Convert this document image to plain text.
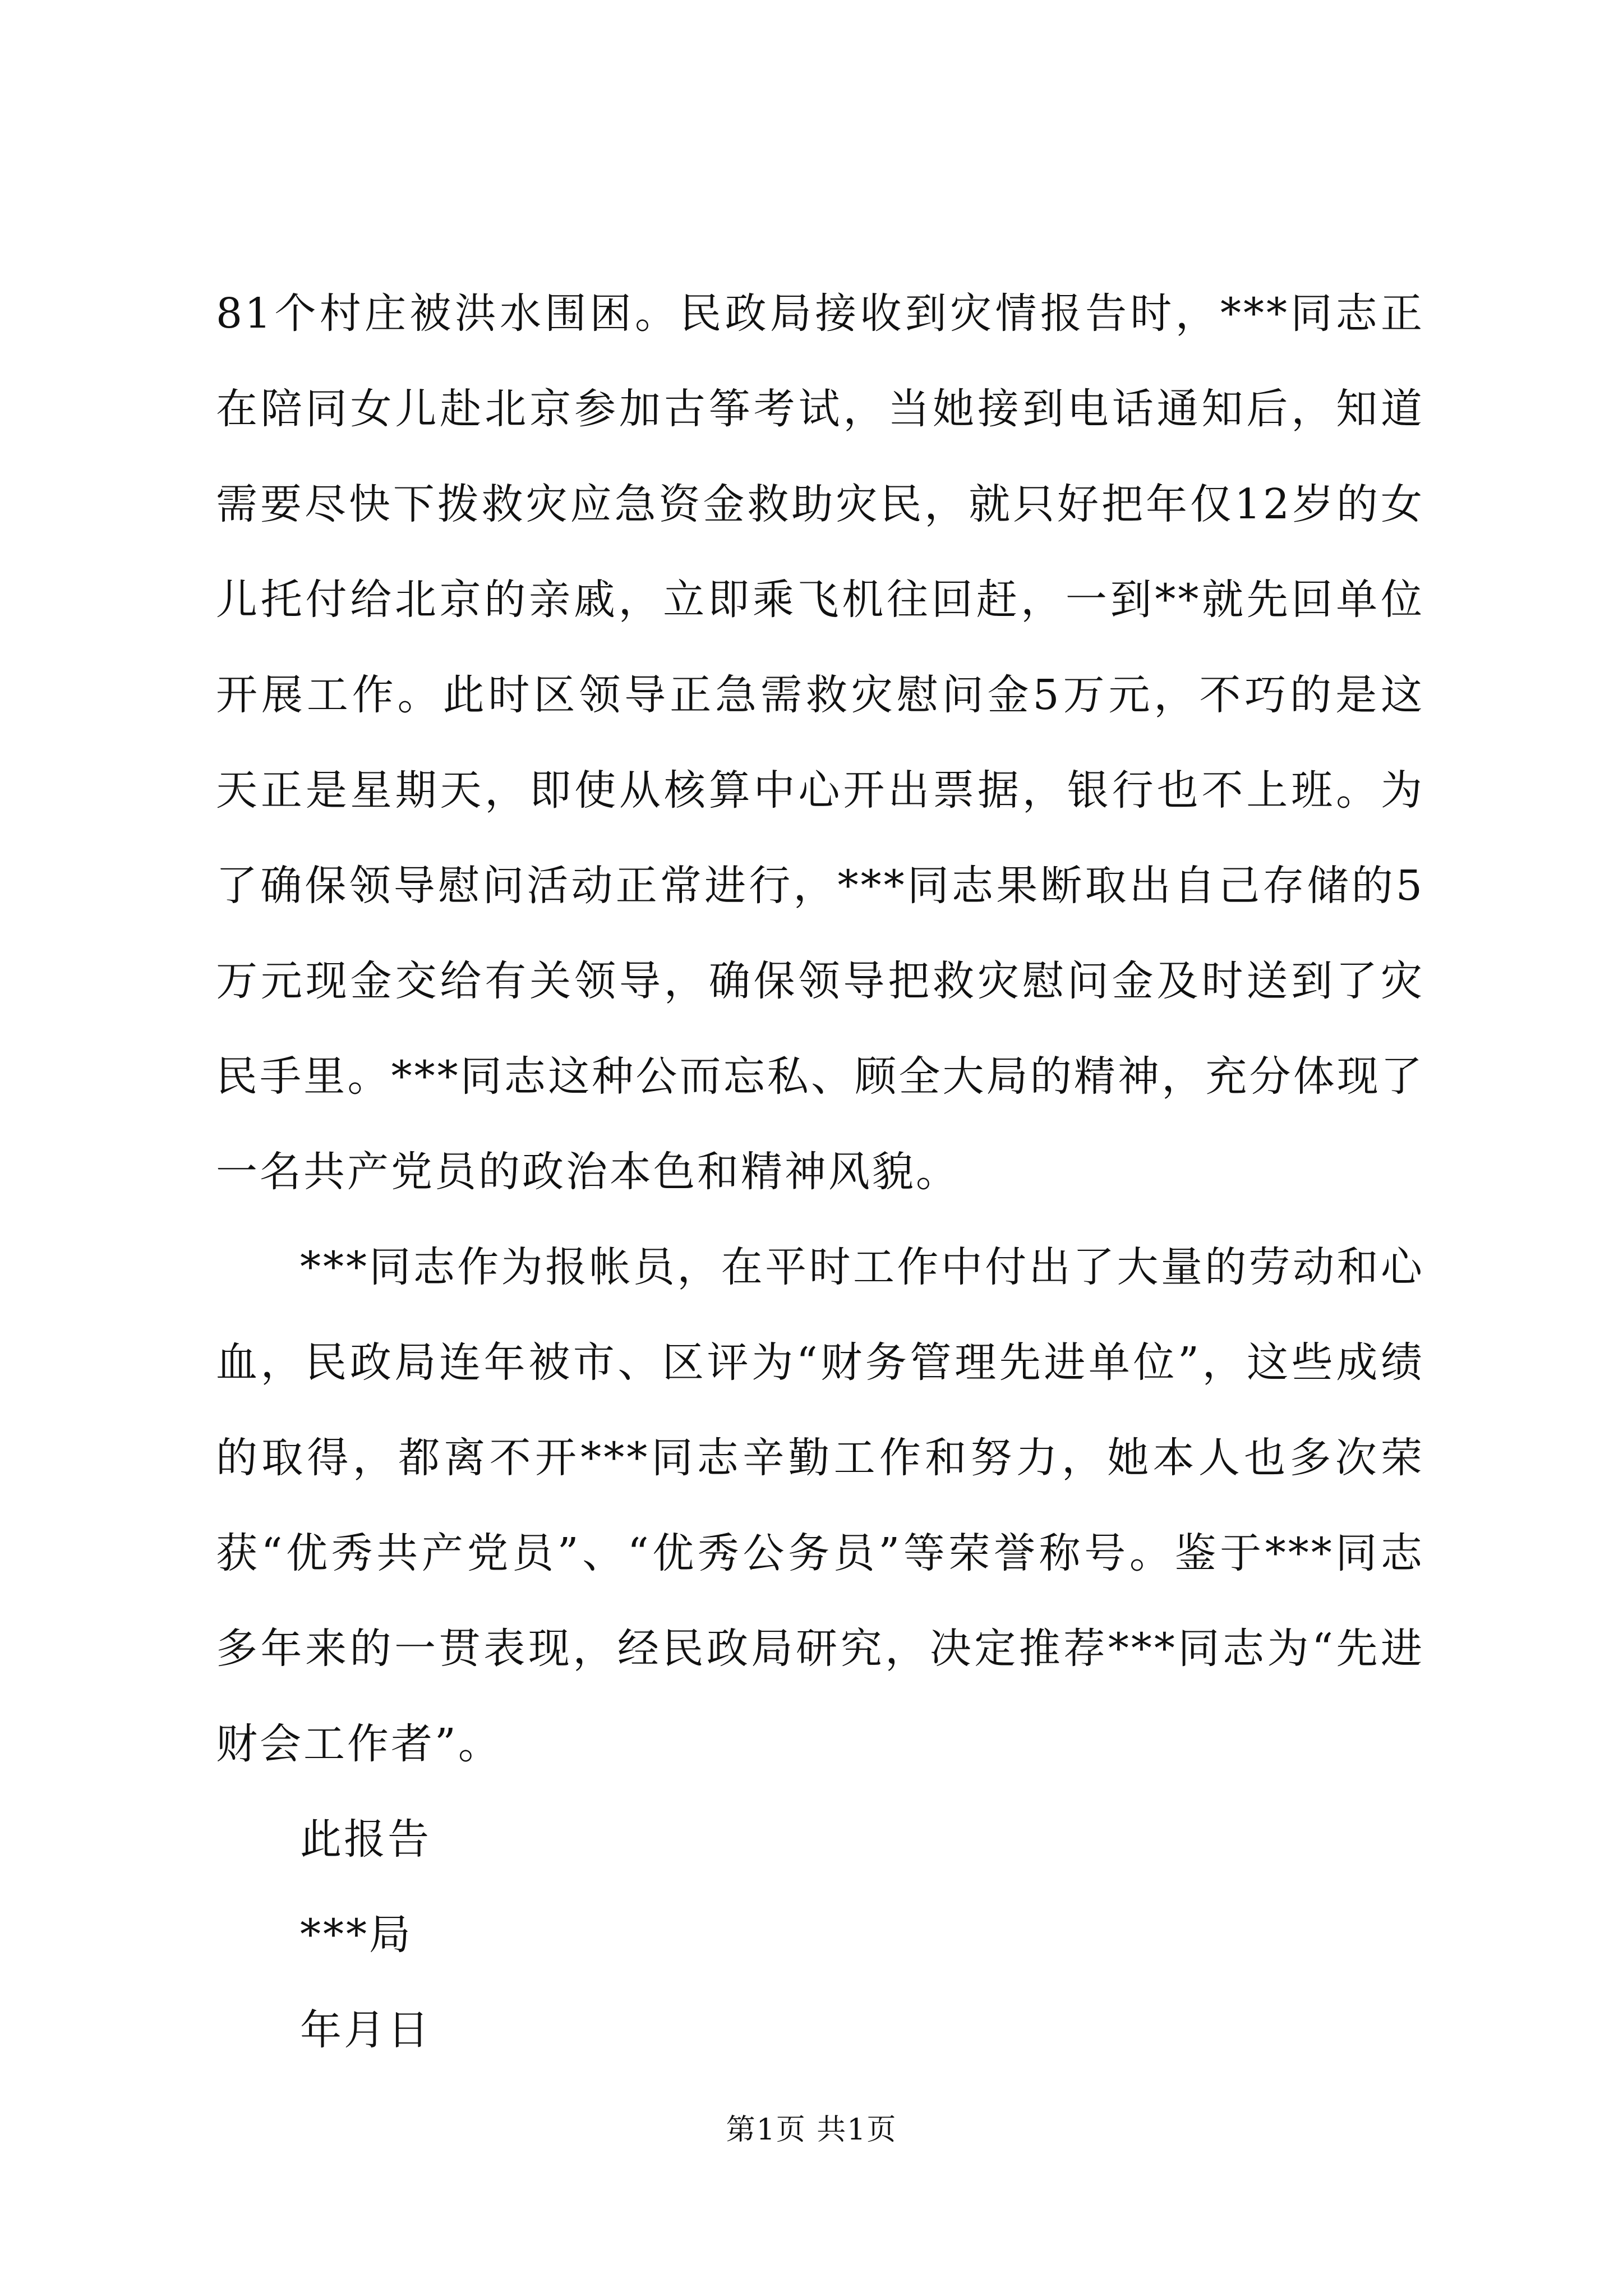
81个村庄被洪水围困。民政局接收到灾情报告时，***同志正在陪同女儿赴北京参加古筝考试，当她接到电话通知后，知道需要尽快下拨救灾应急资金救助灾民，就只好把年仅12岁的女儿托付给北京的亲戚，立即乘飞机往回赶，一到**就先回单位开展工作。此时区领导正急需救灾慰问金5万元，不巧的是这天正是星期天，即使从核算中心开出票据，银行也不上班。为了确保领导慰问活动正常进行，***同志果断取出自己存储的5万元现金交给有关领导，确保领导把救灾慰问金及时送到了灾民手里。***同志这种公而忘私、顾全大局的精神，充分体现了一名共产党员的政治本色和精神风貌。

***同志作为报帐员，在平时工作中付出了大量的劳动和心血，民政局连年被市、区评为“财务管理先进单位”，这些成绩的取得，都离不开***同志辛勤工作和努力，她本人也多次荣获“优秀共产党员”、“优秀公务员”等荣誉称号。鉴于***同志多年来的一贯表现，经民政局研究，决定推荐***同志为“先进财会工作者”。

此报告

***局

年月日

第1页 共1页
